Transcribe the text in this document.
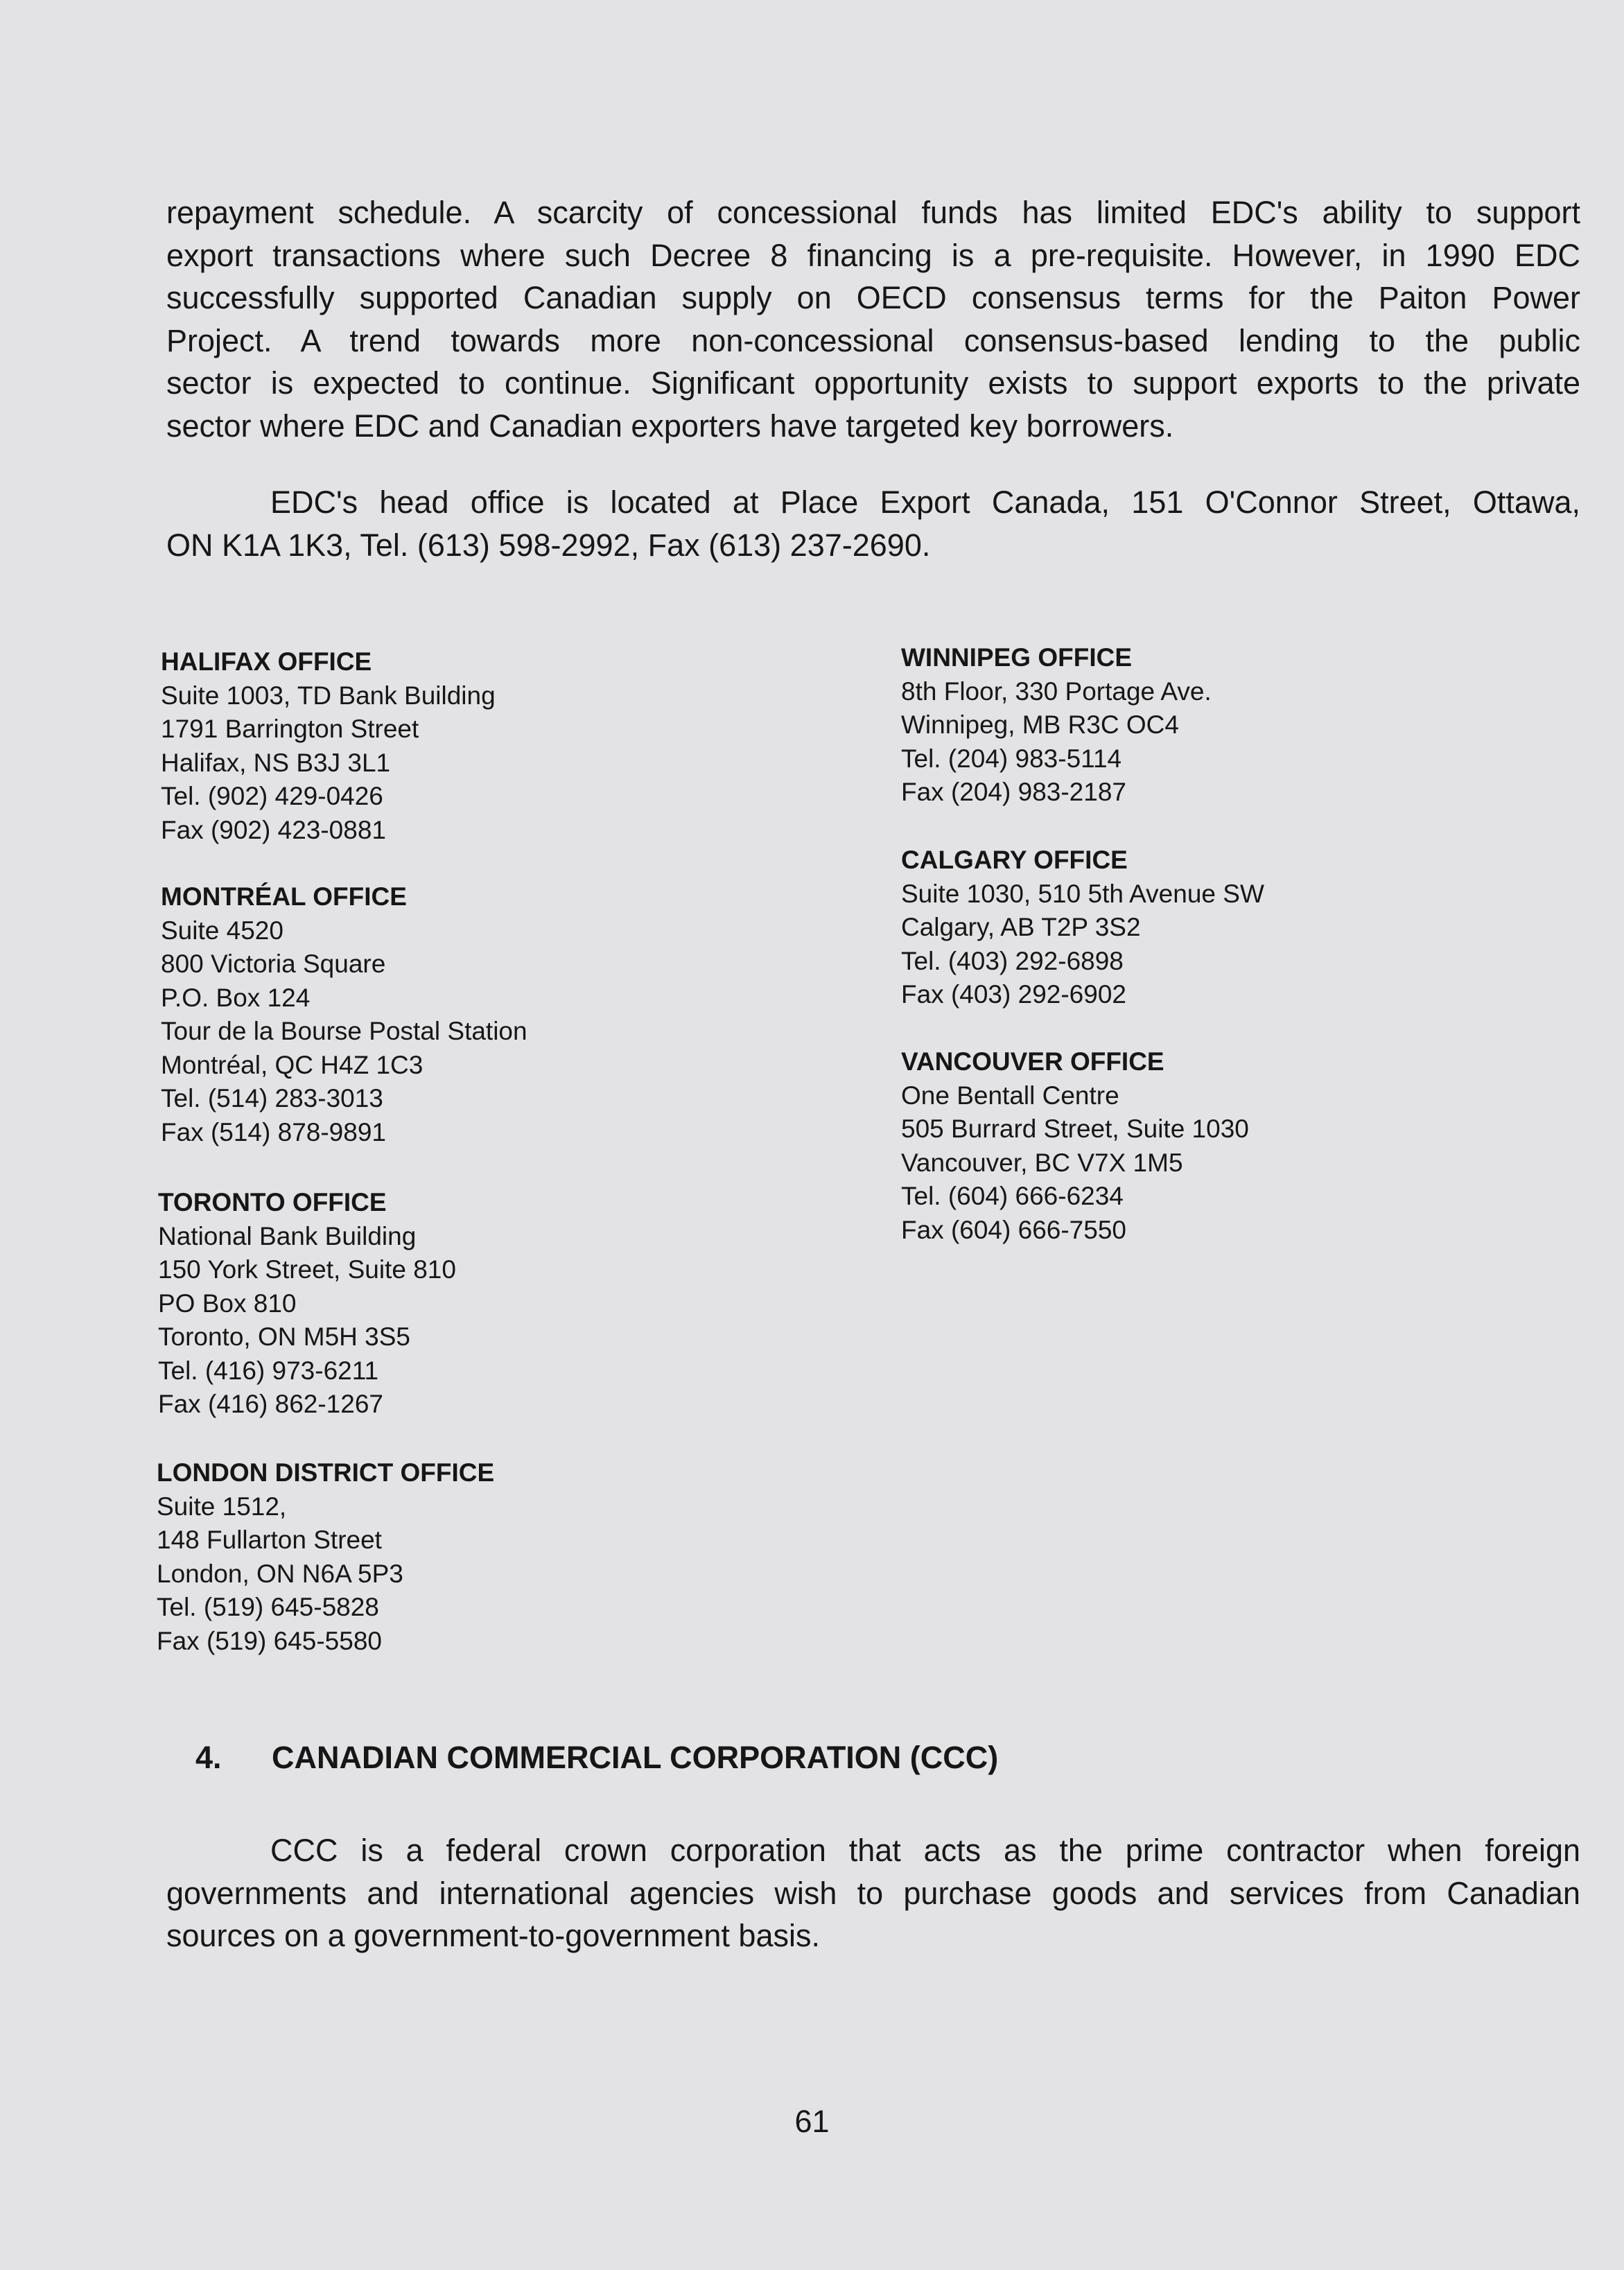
repayment schedule. A scarcity of concessional funds has limited EDC's ability to support
export transactions where such Decree 8 financing is a pre-requisite. However, in 1990 EDC
successfully supported Canadian supply on OECD consensus terms for the Paiton Power
Project. A trend towards more non-concessional consensus-based lending to the public
sector is expected to continue. Significant opportunity exists to support exports to the private
sector where EDC and Canadian exporters have targeted key borrowers.

EDC's head office is located at Place Export Canada, 151 O'Connor Street, Ottawa,
ON K1A 1K3, Tel. (613) 598-2992, Fax (613) 237-2690.

HALIFAX OFFICE
Suite 1003, TD Bank Building
1791 Barrington Street
Halifax, NS B3J 3L1
Tel. (902) 429-0426
Fax (902) 423-0881
MONTRÉAL OFFICE
Suite 4520
800 Victoria Square
P.O. Box 124
Tour de la Bourse Postal Station
Montréal, QC H4Z 1C3
Tel. (514) 283-3013
Fax (514) 878-9891
TORONTO OFFICE
National Bank Building
150 York Street, Suite 810
PO Box 810
Toronto, ON M5H 3S5
Tel. (416) 973-6211
Fax (416) 862-1267
LONDON DISTRICT OFFICE
Suite 1512,
148 Fullarton Street
London, ON N6A 5P3
Tel. (519) 645-5828
Fax (519) 645-5580
WINNIPEG OFFICE
8th Floor, 330 Portage Ave.
Winnipeg, MB R3C OC4
Tel. (204) 983-5114
Fax (204) 983-2187
CALGARY OFFICE
Suite 1030, 510 5th Avenue SW
Calgary, AB T2P 3S2
Tel. (403) 292-6898
Fax (403) 292-6902
VANCOUVER OFFICE
One Bentall Centre
505 Burrard Street, Suite 1030
Vancouver, BC V7X 1M5
Tel. (604) 666-6234
Fax (604) 666-7550
4. CANADIAN COMMERCIAL CORPORATION (CCC)

CCC is a federal crown corporation that acts as the prime contractor when foreign
governments and international agencies wish to purchase goods and services from Canadian
sources on a government-to-government basis.

61
